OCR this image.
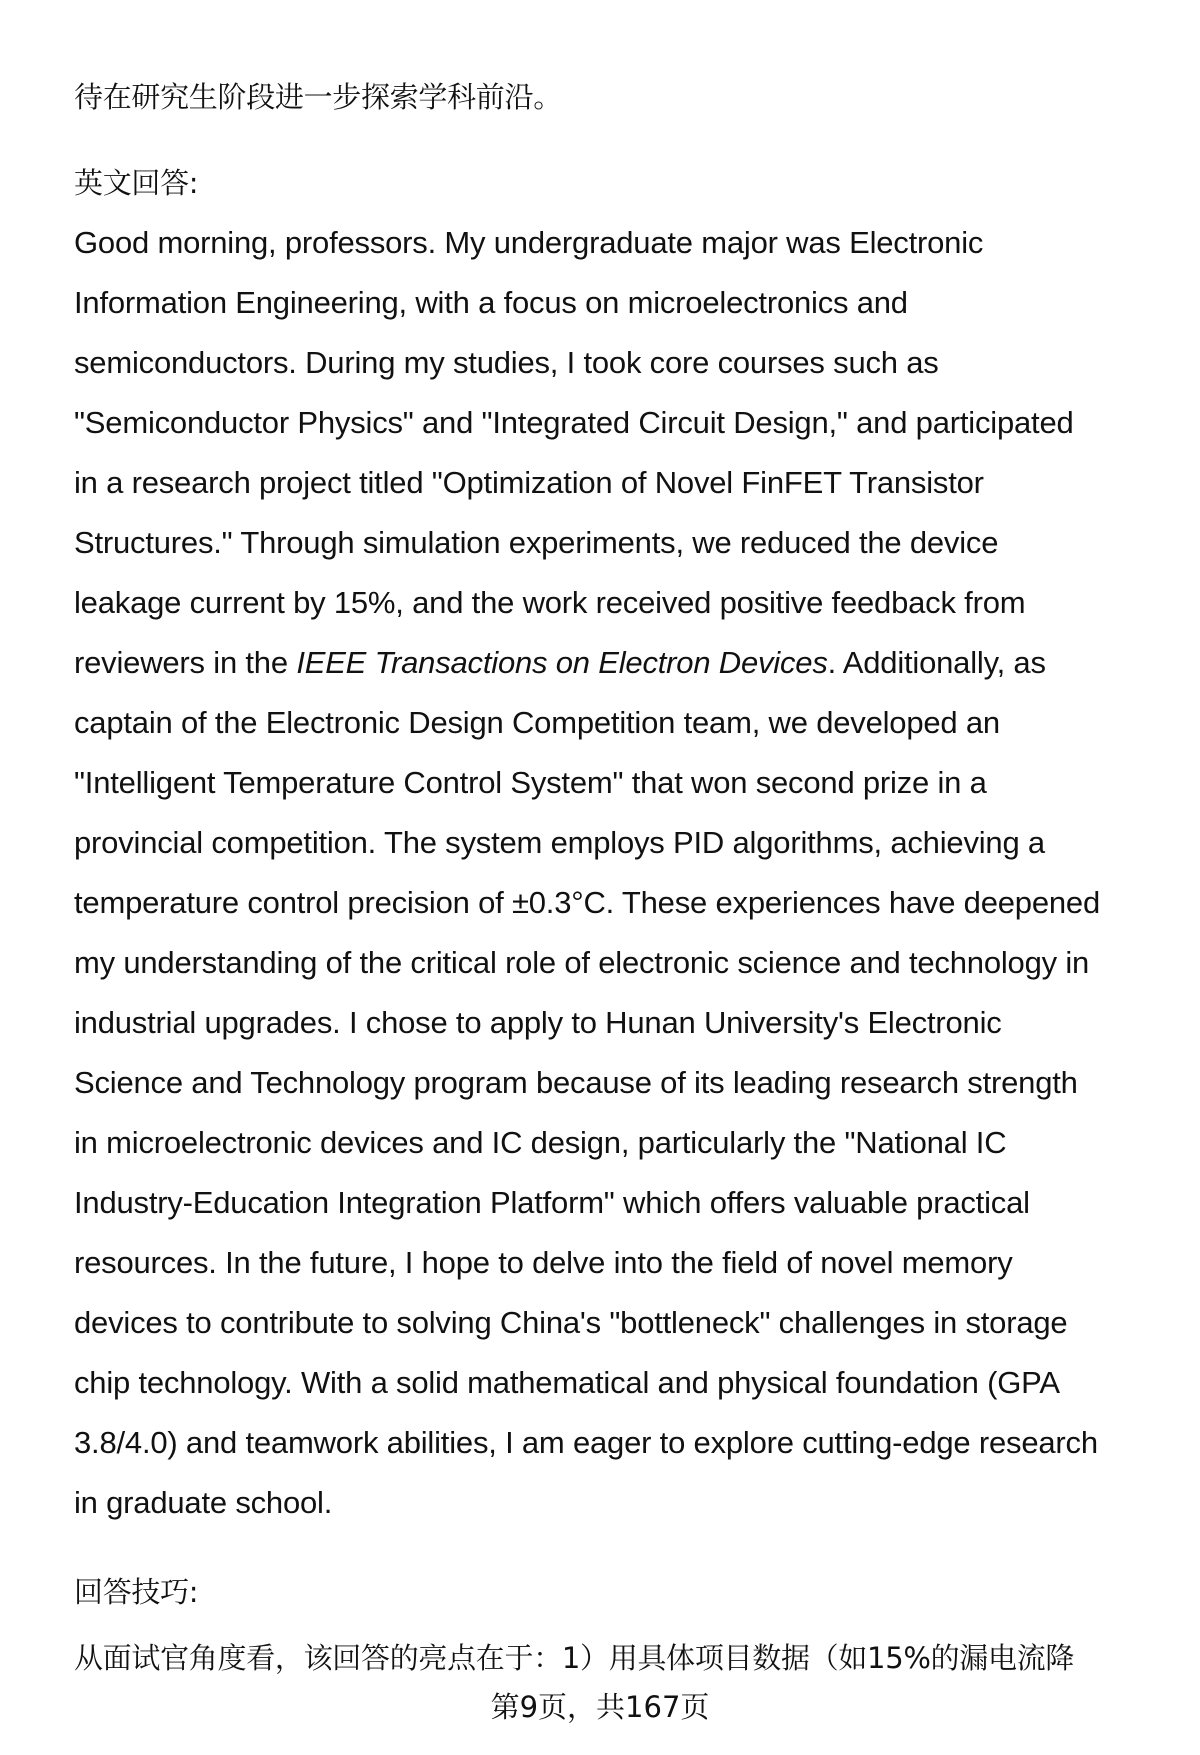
待在研究生阶段进一步探索学科前沿。
英文回答:
Good morning, professors. My undergraduate major was Electronic
Information Engineering, with a focus on microelectronics and
semiconductors. During my studies, I took core courses such as
"Semiconductor Physics" and "Integrated Circuit Design," and participated
in a research project titled "Optimization of Novel FinFET Transistor
Structures." Through simulation experiments, we reduced the device
leakage current by 15%, and the work received positive feedback from
reviewers in the IEEE Transactions on Electron Devices. Additionally, as
captain of the Electronic Design Competition team, we developed an
"Intelligent Temperature Control System" that won second prize in a
provincial competition. The system employs PID algorithms, achieving a
temperature control precision of ±0.3°C. These experiences have deepened
my understanding of the critical role of electronic science and technology in
industrial upgrades. I chose to apply to Hunan University's Electronic
Science and Technology program because of its leading research strength
in microelectronic devices and IC design, particularly the "National IC
Industry-Education Integration Platform" which offers valuable practical
resources. In the future, I hope to delve into the field of novel memory
devices to contribute to solving China's "bottleneck" challenges in storage
chip technology. With a solid mathematical and physical foundation (GPA
3.8/4.0) and teamwork abilities, I am eager to explore cutting-edge research
in graduate school.
回答技巧:
从面试官角度看，该回答的亮点在于：1）用具体项目数据（如15%的漏电流降
第9页，共167页
